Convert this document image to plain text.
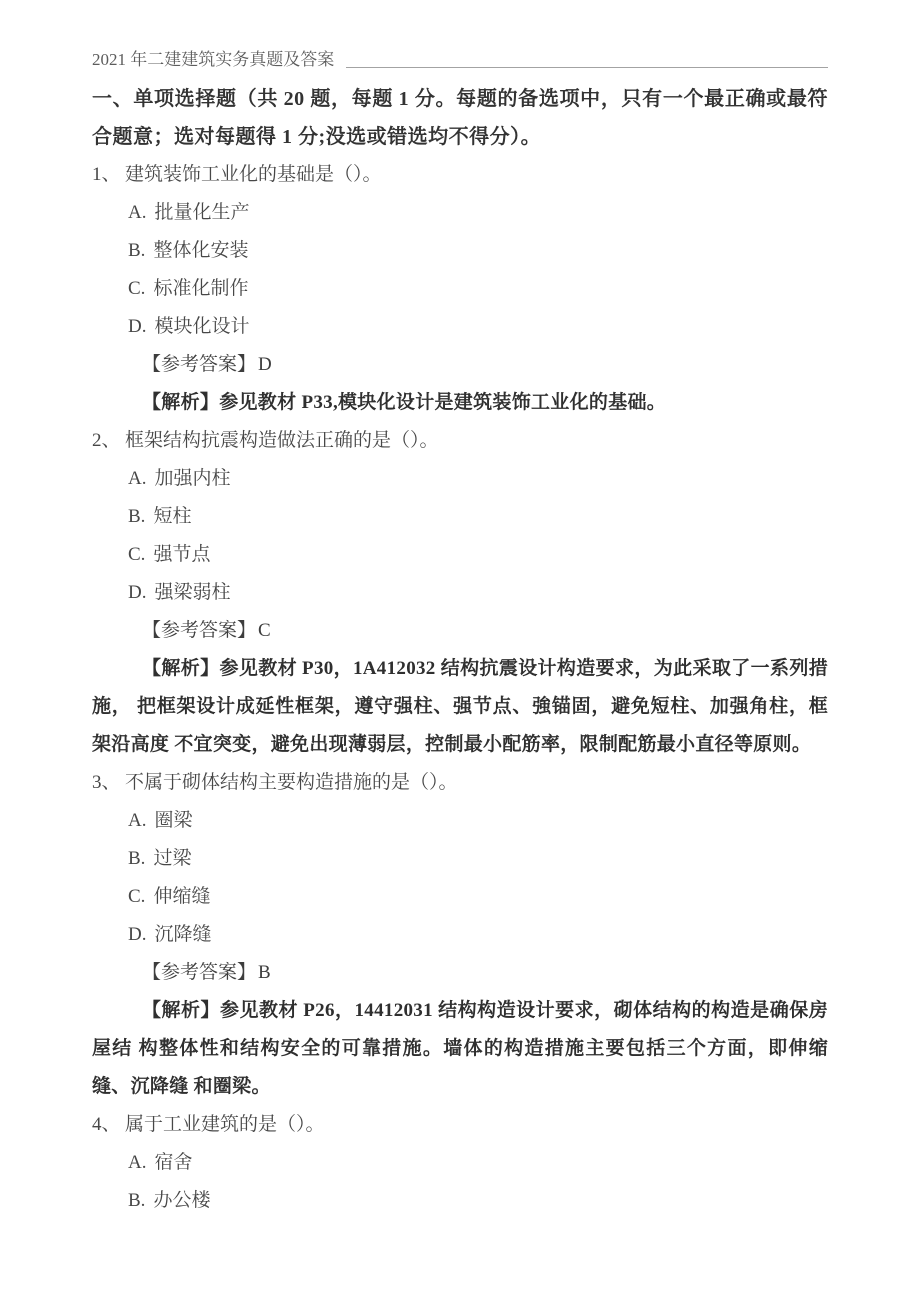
2021 年二建建筑实务真题及答案

一、单项选择题（共 20 题，每题 1 分。每题的备选项中，只有一个最正确或最符合题意；选对每题得 1 分;没选或错选均不得分）。

1、 建筑装饰工业化的基础是（）。

A. 批量化生产

B. 整体化安装

C. 标准化制作

D. 模块化设计

【参考答案】 D

【解析】参见教材 P33,模块化设计是建筑装饰工业化的基础。

2、 框架结构抗震构造做法正确的是（）。

A. 加强内柱

B. 短柱

C. 强节点

D. 强梁弱柱

【参考答案】 C

【解析】参见教材 P30，1A412032 结构抗震设计构造要求，为此采取了一系列措施， 把框架设计成延性框架，遵守强柱、强节点、強锚固，避免短柱、加强角柱，框架沿高度 不宜突变，避免出现薄弱层，控制最小配筋率，限制配筋最小直径等原则。

3、 不属于砌体结构主要构造措施的是（）。

A. 圈梁

B. 过梁

C. 伸缩缝

D. 沉降缝

【参考答案】 B

【解析】参见教材 P26，14412031 结构构造设计要求，砌体结构的构造是确保房屋结 构整体性和结构安全的可靠措施。墙体的构造措施主要包括三个方面，即伸缩缝、沉降缝 和圈梁。

4、 属于工业建筑的是（）。

A. 宿舍

B. 办公楼
